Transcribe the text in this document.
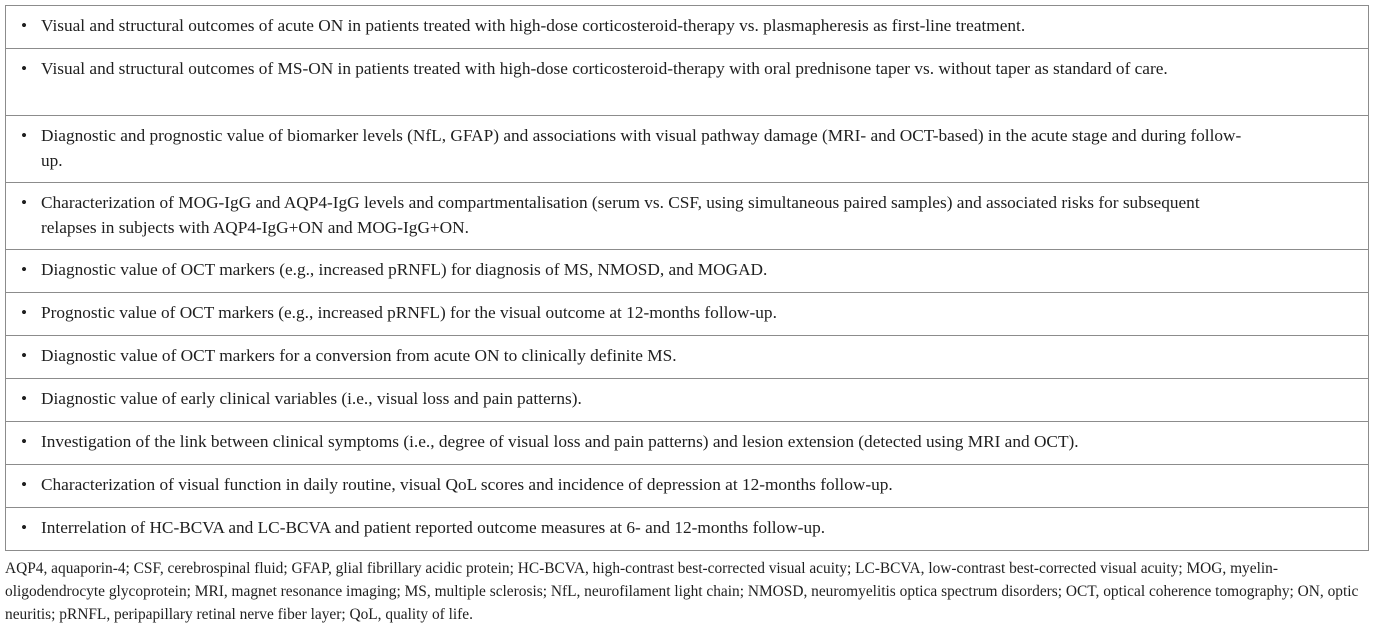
• Visual and structural outcomes of acute ON in patients treated with high-dose corticosteroid-therapy vs. plasmapheresis as first-line treatment.

• Visual and structural outcomes of MS-ON in patients treated with high-dose corticosteroid-therapy with oral prednisone taper vs. without taper as standard of care.

• Diagnostic and prognostic value of biomarker levels (NfL, GFAP) and associations with visual pathway damage (MRI- and OCT-based) in the acute stage and during follow-up.

• Characterization of MOG-IgG and AQP4-IgG levels and compartmentalisation (serum vs. CSF, using simultaneous paired samples) and associated risks for subsequent relapses in subjects with AQP4-IgG+ON and MOG-IgG+ON.

• Diagnostic value of OCT markers (e.g., increased pRNFL) for diagnosis of MS, NMOSD, and MOGAD.

• Prognostic value of OCT markers (e.g., increased pRNFL) for the visual outcome at 12-months follow-up.

• Diagnostic value of OCT markers for a conversion from acute ON to clinically definite MS.

• Diagnostic value of early clinical variables (i.e., visual loss and pain patterns).

• Investigation of the link between clinical symptoms (i.e., degree of visual loss and pain patterns) and lesion extension (detected using MRI and OCT).

• Characterization of visual function in daily routine, visual QoL scores and incidence of depression at 12-months follow-up.

• Interrelation of HC-BCVA and LC-BCVA and patient reported outcome measures at 6- and 12-months follow-up.

AQP4, aquaporin-4; CSF, cerebrospinal fluid; GFAP, glial fibrillary acidic protein; HC-BCVA, high-contrast best-corrected visual acuity; LC-BCVA, low-contrast best-corrected visual acuity; MOG, myelin-oligodendrocyte glycoprotein; MRI, magnet resonance imaging; MS, multiple sclerosis; NfL, neurofilament light chain; NMOSD, neuromyelitis optica spectrum disorders; OCT, optical coherence tomography; ON, optic neuritis; pRNFL, peripapillary retinal nerve fiber layer; QoL, quality of life.
